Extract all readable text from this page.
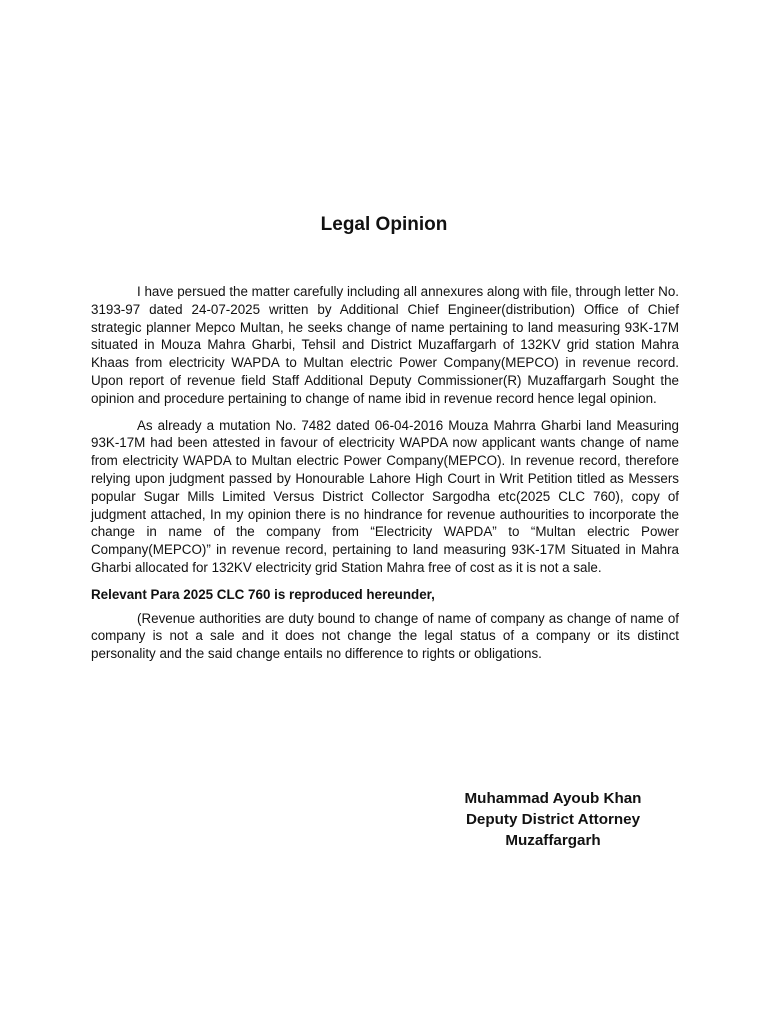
Legal Opinion

I have persued the matter carefully including all annexures along with file, through letter No. 3193-97 dated 24-07-2025 written by Additional Chief Engineer(distribution) Office of Chief strategic planner Mepco Multan, he seeks change of name pertaining to land measuring 93K-17M situated in Mouza Mahra Gharbi, Tehsil and District Muzaffargarh of 132KV grid station Mahra Khaas from electricity WAPDA to Multan electric Power Company(MEPCO) in revenue record. Upon report of revenue field Staff Additional Deputy Commissioner(R) Muzaffargarh Sought the opinion and procedure pertaining to change of name ibid in revenue record hence legal opinion.

As already a mutation No. 7482 dated 06-04-2016 Mouza Mahrra Gharbi land Measuring 93K-17M had been attested in favour of electricity WAPDA now applicant wants change of name from electricity WAPDA to Multan electric Power Company(MEPCO). In revenue record, therefore relying upon judgment passed by Honourable Lahore High Court in Writ Petition titled as Messers popular Sugar Mills Limited Versus District Collector Sargodha etc(2025 CLC 760), copy of judgment attached, In my opinion there is no hindrance for revenue authourities to incorporate the change in name of the company from “Electricity WAPDA” to “Multan electric Power Company(MEPCO)” in revenue record, pertaining to land measuring 93K-17M Situated in Mahra Gharbi allocated for 132KV electricity grid Station Mahra free of cost as it is not a sale.

Relevant Para 2025 CLC 760 is reproduced hereunder,

(Revenue authorities are duty bound to change of name of company as change of name of company is not a sale and it does not change the legal status of a company or its distinct personality and the said change entails no difference to rights or obligations.

Muhammad Ayoub Khan
Deputy District Attorney
Muzaffargarh
